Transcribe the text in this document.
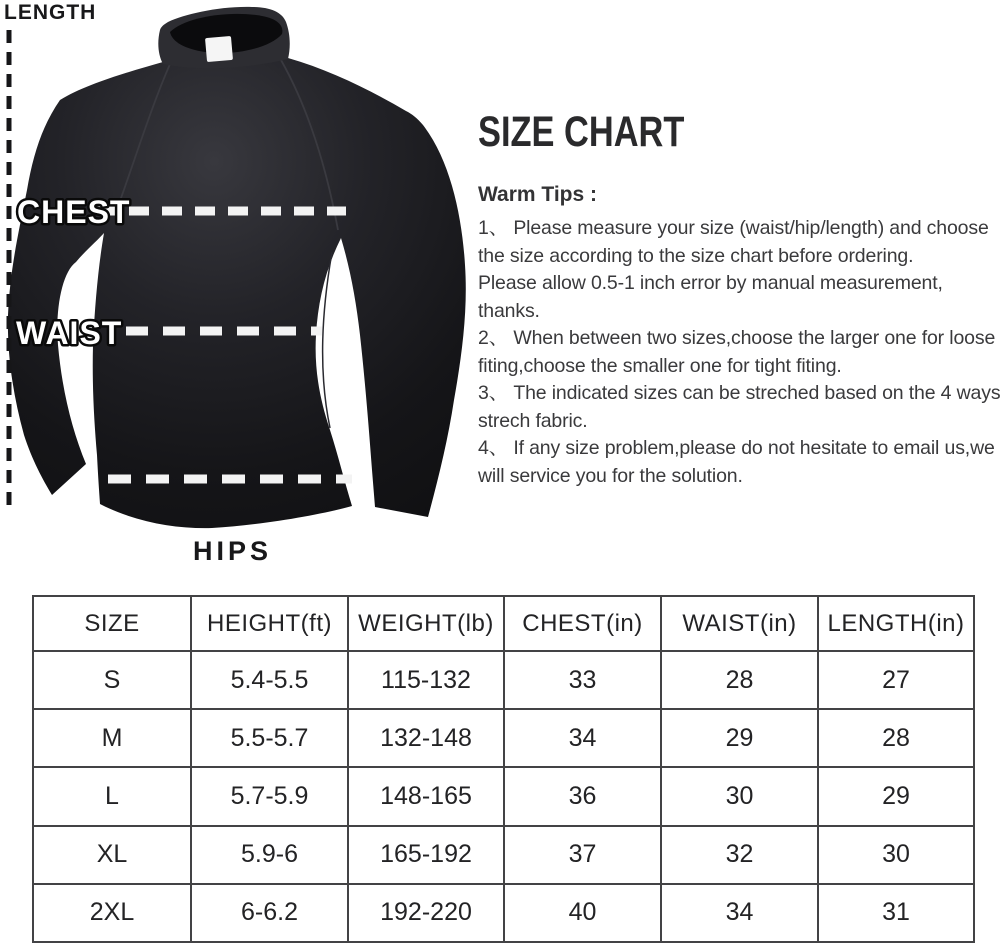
LENGTH
CHEST
WAIST
HIPS
SIZE CHART

Warm Tips :

1、 Please measure your size (waist/hip/length) and choose

the size according to the size chart before ordering.

Please allow 0.5-1 inch error by manual measurement,

thanks.

2、 When between two sizes,choose the larger one for loose

fiting,choose the smaller one for tight fiting.

3、 The indicated sizes can be streched based on the 4 ways

strech fabric.

4、 If any size problem,please do not hesitate to email us,we

will service you for the solution.

SIZE	HEIGHT(ft)	WEIGHT(lb)	CHEST(in)	WAIST(in)	LENGTH(in)
S	5.4-5.5	115-132	33	28	27
M	5.5-5.7	132-148	34	29	28
L	5.7-5.9	148-165	36	30	29
XL	5.9-6	165-192	37	32	30
2XL	6-6.2	192-220	40	34	31
